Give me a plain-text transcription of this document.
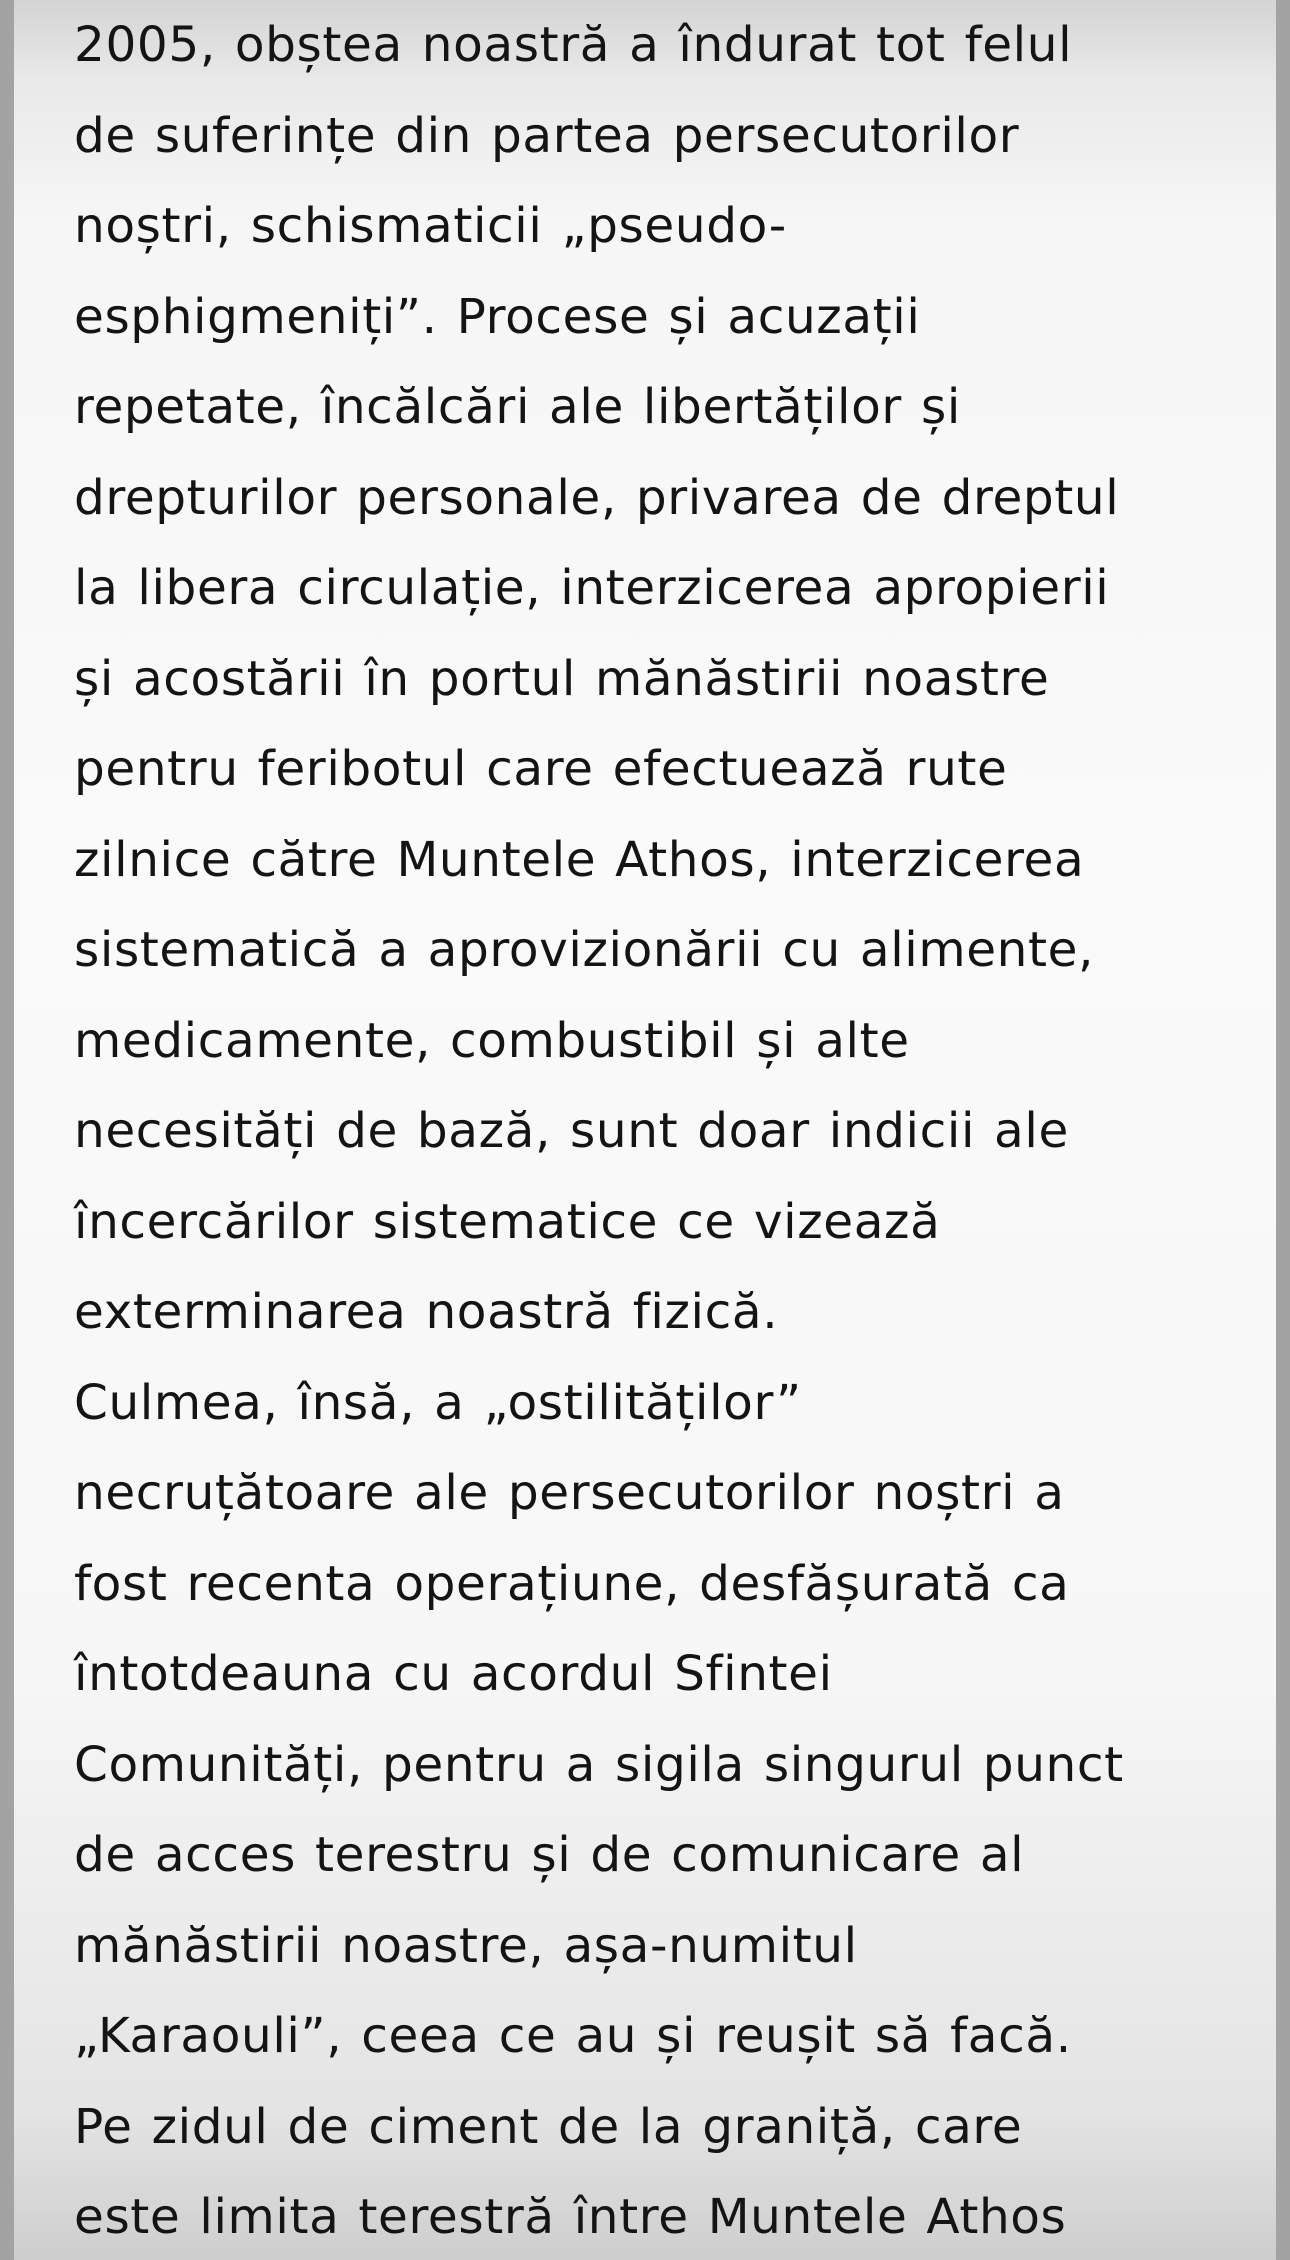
2005, obștea noastră a îndurat tot felul
de suferințe din partea persecutorilor
noștri, schismaticii „pseudo-
esphigmeniți”. Procese și acuzații
repetate, încălcări ale libertăților și
drepturilor personale, privarea de dreptul
la libera circulație, interzicerea apropierii
și acostării în portul mănăstirii noastre
pentru feribotul care efectuează rute
zilnice către Muntele Athos, interzicerea
sistematică a aprovizionării cu alimente,
medicamente, combustibil și alte
necesități de bază, sunt doar indicii ale
încercărilor sistematice ce vizează
exterminarea noastră fizică.
Culmea, însă, a „ostilităților”
necruțătoare ale persecutorilor noștri a
fost recenta operațiune, desfășurată ca
întotdeauna cu acordul Sfintei
Comunități, pentru a sigila singurul punct
de acces terestru și de comunicare al
mănăstirii noastre, așa-numitul
„Karaouli”, ceea ce au și reușit să facă.
Pe zidul de ciment de la graniță, care
este limita terestră între Muntele Athos
